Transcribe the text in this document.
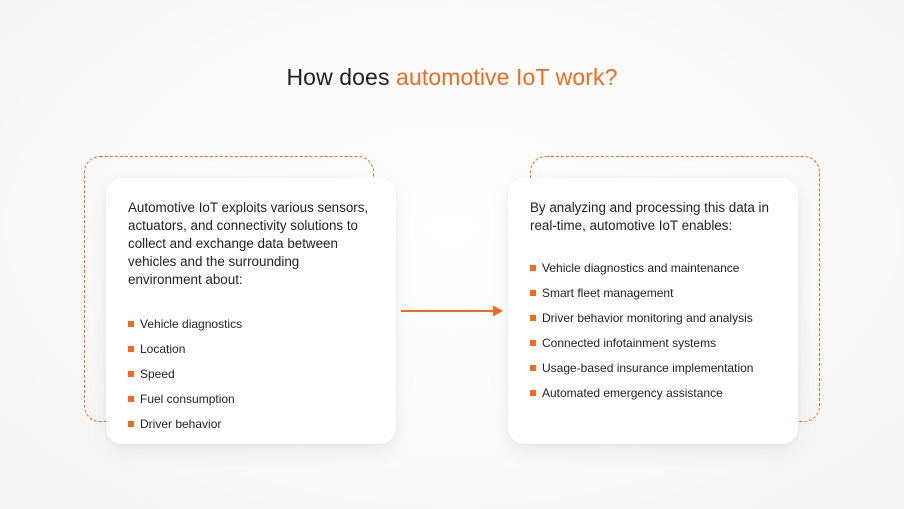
How does automotive IoT work?

Automotive IoT exploits various sensors, actuators, and connectivity solutions to collect and exchange data between vehicles and the surrounding environment about:

Vehicle diagnostics
Location
Speed
Fuel consumption
Driver behavior

By analyzing and processing this data in real-time, automotive IoT enables:

Vehicle diagnostics and maintenance
Smart fleet management
Driver behavior monitoring and analysis
Connected infotainment systems
Usage-based insurance implementation
Automated emergency assistance
